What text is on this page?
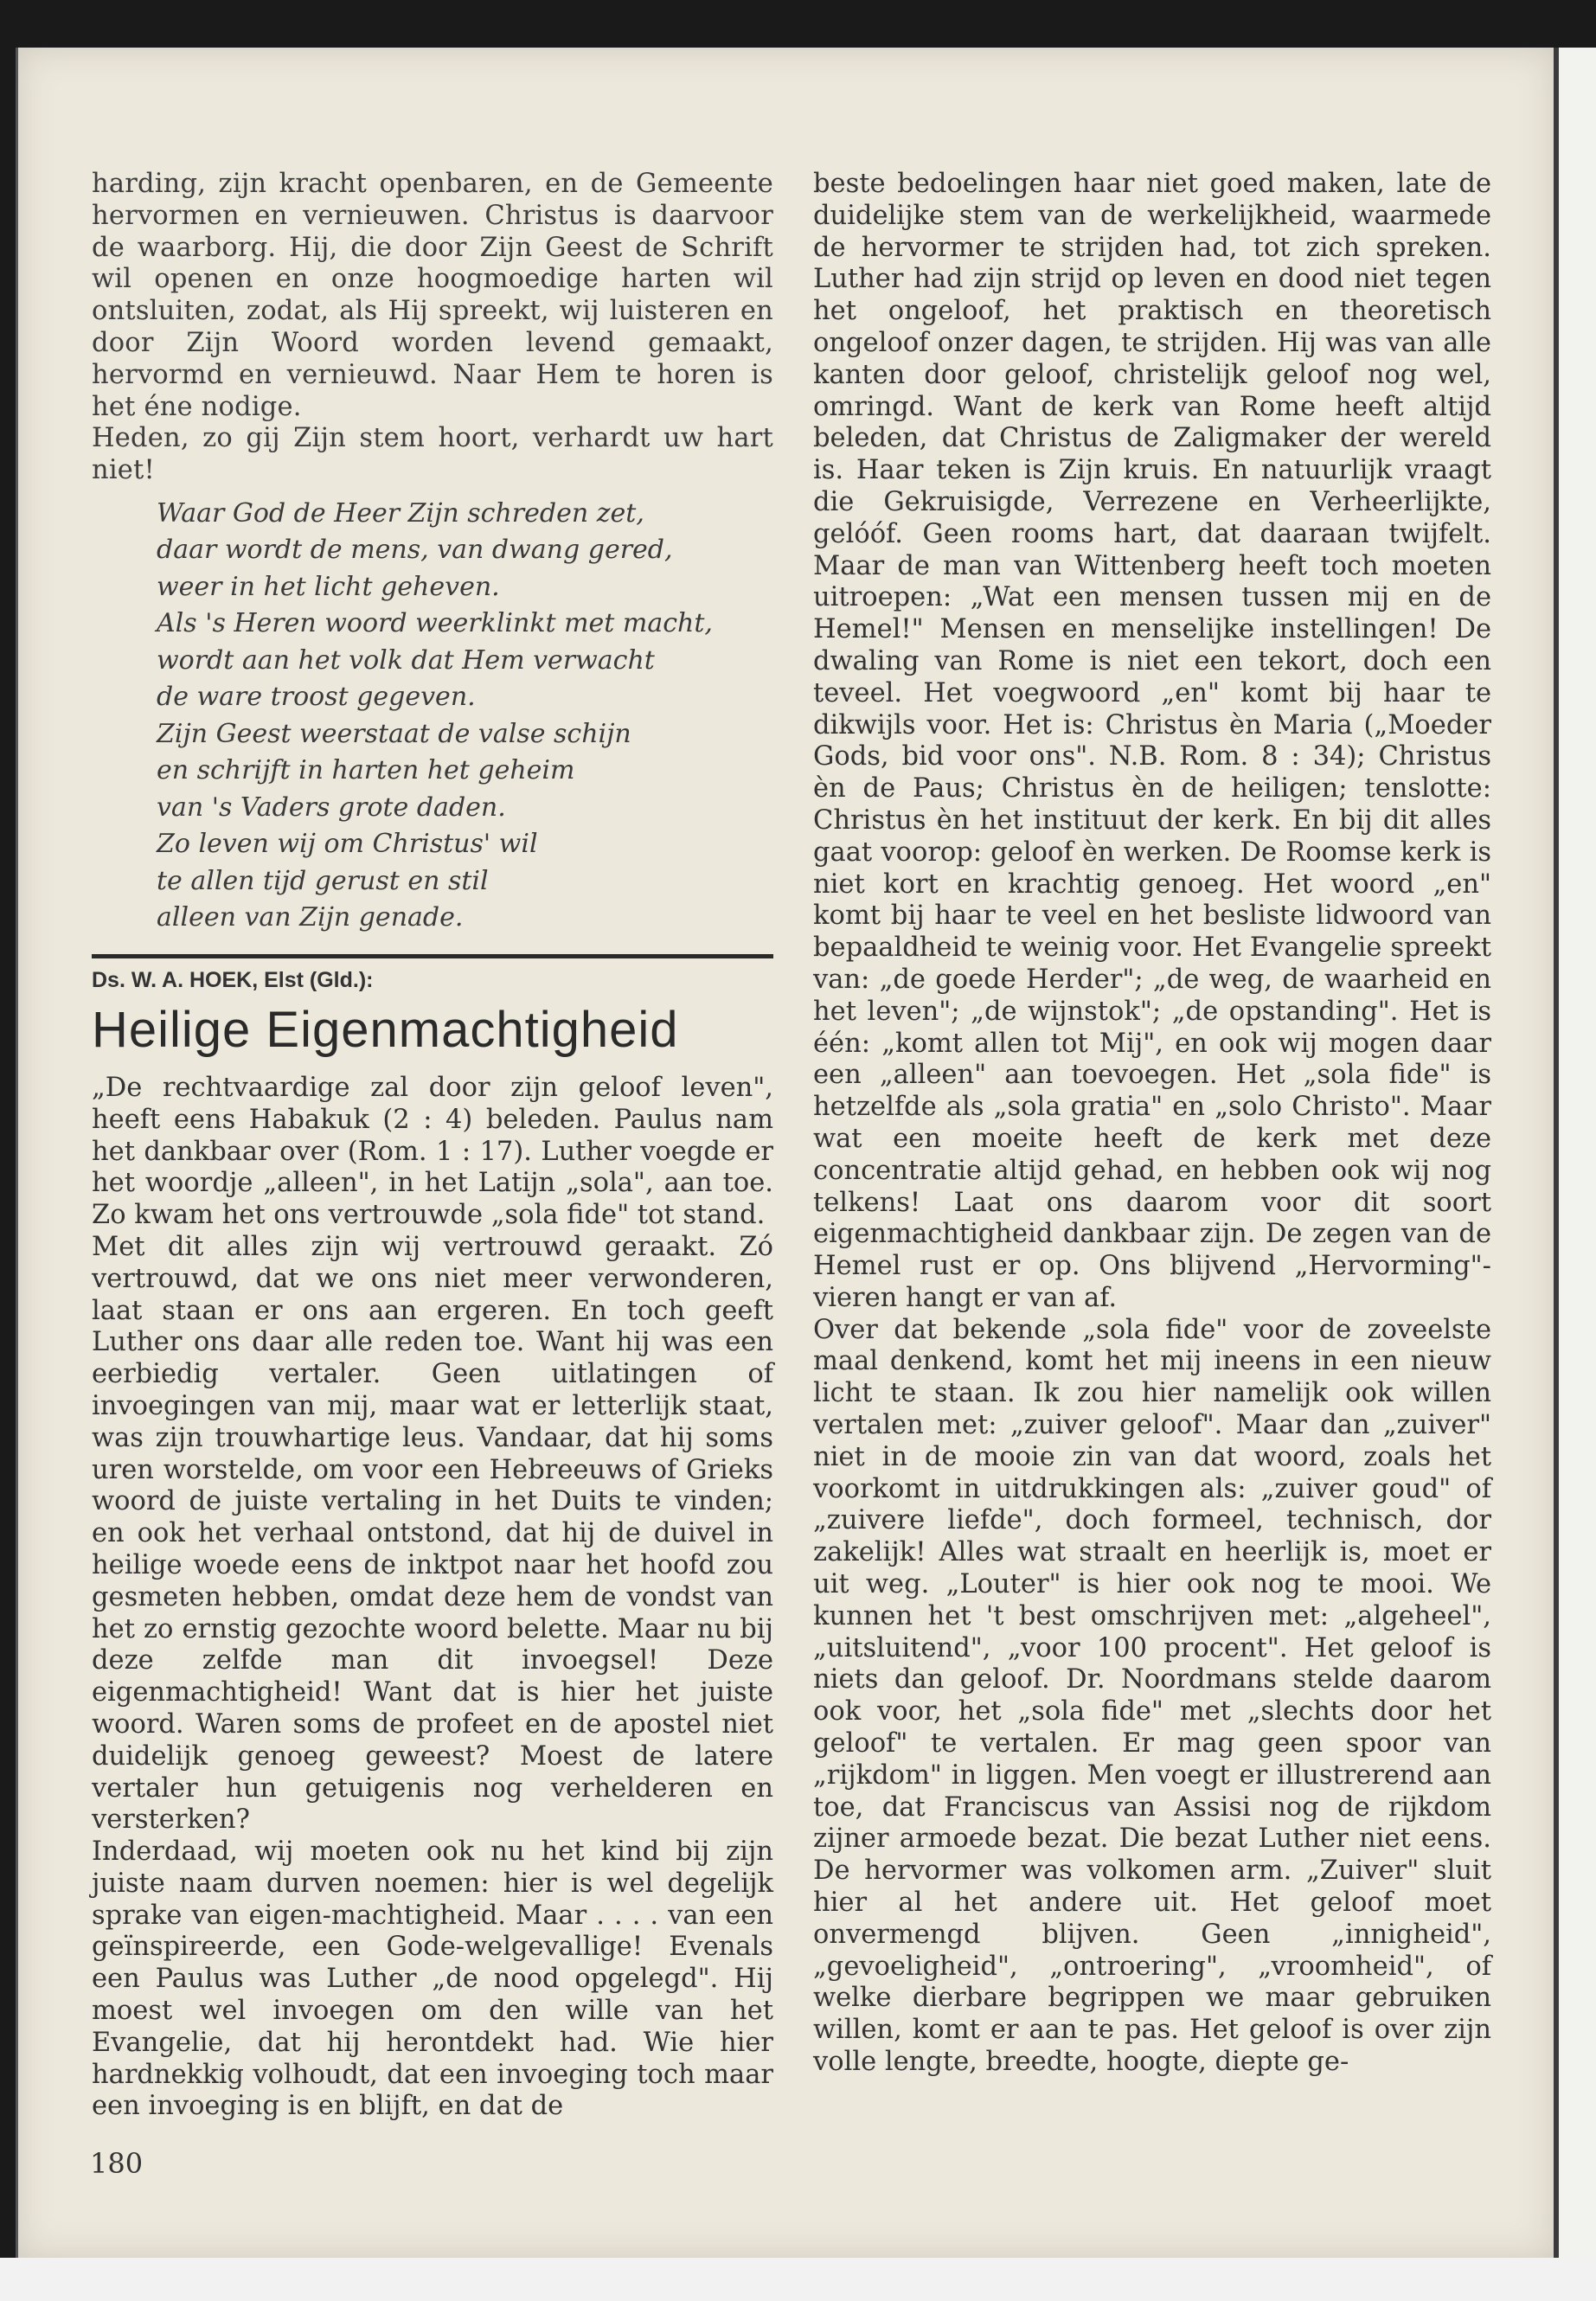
harding, zijn kracht openbaren, en de Gemeente hervormen en vernieuwen. Christus is daarvoor de waarborg. Hij, die door Zijn Geest de Schrift wil openen en onze hoogmoedige harten wil ontsluiten, zodat, als Hij spreekt, wij luisteren en door Zijn Woord worden levend gemaakt, hervormd en vernieuwd. Naar Hem te horen is het éne nodige.

Heden, zo gij Zijn stem hoort, verhardt uw hart niet!

Waar God de Heer Zijn schreden zet,
daar wordt de mens, van dwang gered,
weer in het licht geheven.
Als 's Heren woord weerklinkt met macht,
wordt aan het volk dat Hem verwacht
de ware troost gegeven.
Zijn Geest weerstaat de valse schijn
en schrijft in harten het geheim
van 's Vaders grote daden.
Zo leven wij om Christus' wil
te allen tijd gerust en stil
alleen van Zijn genade.

Ds. W. A. HOEK, Elst (Gld.):

Heilige Eigenmachtigheid

„De rechtvaardige zal door zijn geloof leven", heeft eens Habakuk (2 : 4) beleden. Paulus nam het dankbaar over (Rom. 1 : 17). Luther voegde er het woordje „alleen", in het Latijn „sola", aan toe. Zo kwam het ons vertrouwde „sola fide" tot stand.

Met dit alles zijn wij vertrouwd geraakt. Zó vertrouwd, dat we ons niet meer verwonderen, laat staan er ons aan ergeren. En toch geeft Luther ons daar alle reden toe. Want hij was een eerbiedig vertaler. Geen uitlatingen of invoegingen van mij, maar wat er letterlijk staat, was zijn trouwhartige leus. Vandaar, dat hij soms uren worstelde, om voor een Hebreeuws of Grieks woord de juiste vertaling in het Duits te vinden; en ook het verhaal ontstond, dat hij de duivel in heilige woede eens de inktpot naar het hoofd zou gesmeten hebben, omdat deze hem de vondst van het zo ernstig gezochte woord belette. Maar nu bij deze zelfde man dit invoegsel! Deze eigenmachtigheid! Want dat is hier het juiste woord. Waren soms de profeet en de apostel niet duidelijk genoeg geweest? Moest de latere vertaler hun getuigenis nog verhelderen en versterken?

Inderdaad, wij moeten ook nu het kind bij zijn juiste naam durven noemen: hier is wel degelijk sprake van eigen-machtigheid. Maar . . . . van een geïnspireerde, een Gode-welgevallige! Evenals een Paulus was Luther „de nood opgelegd". Hij moest wel invoegen om den wille van het Evangelie, dat hij herontdekt had. Wie hier hardnekkig volhoudt, dat een invoeging toch maar een invoeging is en blijft, en dat de

beste bedoelingen haar niet goed maken, late de duidelijke stem van de werkelijkheid, waarmede de hervormer te strijden had, tot zich spreken. Luther had zijn strijd op leven en dood niet tegen het ongeloof, het praktisch en theoretisch ongeloof onzer dagen, te strijden. Hij was van alle kanten door geloof, christelijk geloof nog wel, omringd. Want de kerk van Rome heeft altijd beleden, dat Christus de Zaligmaker der wereld is. Haar teken is Zijn kruis. En natuurlijk vraagt die Gekruisigde, Verrezene en Verheerlijkte, gelóóf. Geen rooms hart, dat daaraan twijfelt. Maar de man van Wittenberg heeft toch moeten uitroepen: „Wat een mensen tussen mij en de Hemel!" Mensen en menselijke instellingen! De dwaling van Rome is niet een tekort, doch een teveel. Het voegwoord „en" komt bij haar te dikwijls voor. Het is: Christus èn Maria („Moeder Gods, bid voor ons". N.B. Rom. 8 : 34); Christus èn de Paus; Christus èn de heiligen; tenslotte: Christus èn het instituut der kerk. En bij dit alles gaat voorop: geloof èn werken. De Roomse kerk is niet kort en krachtig genoeg. Het woord „en" komt bij haar te veel en het besliste lidwoord van bepaaldheid te weinig voor. Het Evangelie spreekt van: „de goede Herder"; „de weg, de waarheid en het leven"; „de wijnstok"; „de opstanding". Het is één: „komt allen tot Mij", en ook wij mogen daar een „alleen" aan toevoegen. Het „sola fide" is hetzelfde als „sola gratia" en „solo Christo". Maar wat een moeite heeft de kerk met deze concentratie altijd gehad, en hebben ook wij nog telkens! Laat ons daarom voor dit soort eigenmachtigheid dankbaar zijn. De zegen van de Hemel rust er op. Ons blijvend „Hervorming"-vieren hangt er van af.

Over dat bekende „sola fide" voor de zoveelste maal denkend, komt het mij ineens in een nieuw licht te staan. Ik zou hier namelijk ook willen vertalen met: „zuiver geloof". Maar dan „zuiver" niet in de mooie zin van dat woord, zoals het voorkomt in uitdrukkingen als: „zuiver goud" of „zuivere liefde", doch formeel, technisch, dor zakelijk! Alles wat straalt en heerlijk is, moet er uit weg. „Louter" is hier ook nog te mooi. We kunnen het 't best omschrijven met: „algeheel", „uitsluitend", „voor 100 procent". Het geloof is niets dan geloof. Dr. Noordmans stelde daarom ook voor, het „sola fide" met „slechts door het geloof" te vertalen. Er mag geen spoor van „rijkdom" in liggen. Men voegt er illustrerend aan toe, dat Franciscus van Assisi nog de rijkdom zijner armoede bezat. Die bezat Luther niet eens. De hervormer was volkomen arm. „Zuiver" sluit hier al het andere uit. Het geloof moet onvermengd blijven. Geen „innigheid", „gevoeligheid", „ontroering", „vroomheid", of welke dierbare begrippen we maar gebruiken willen, komt er aan te pas. Het geloof is over zijn volle lengte, breedte, hoogte, diepte ge-

180
